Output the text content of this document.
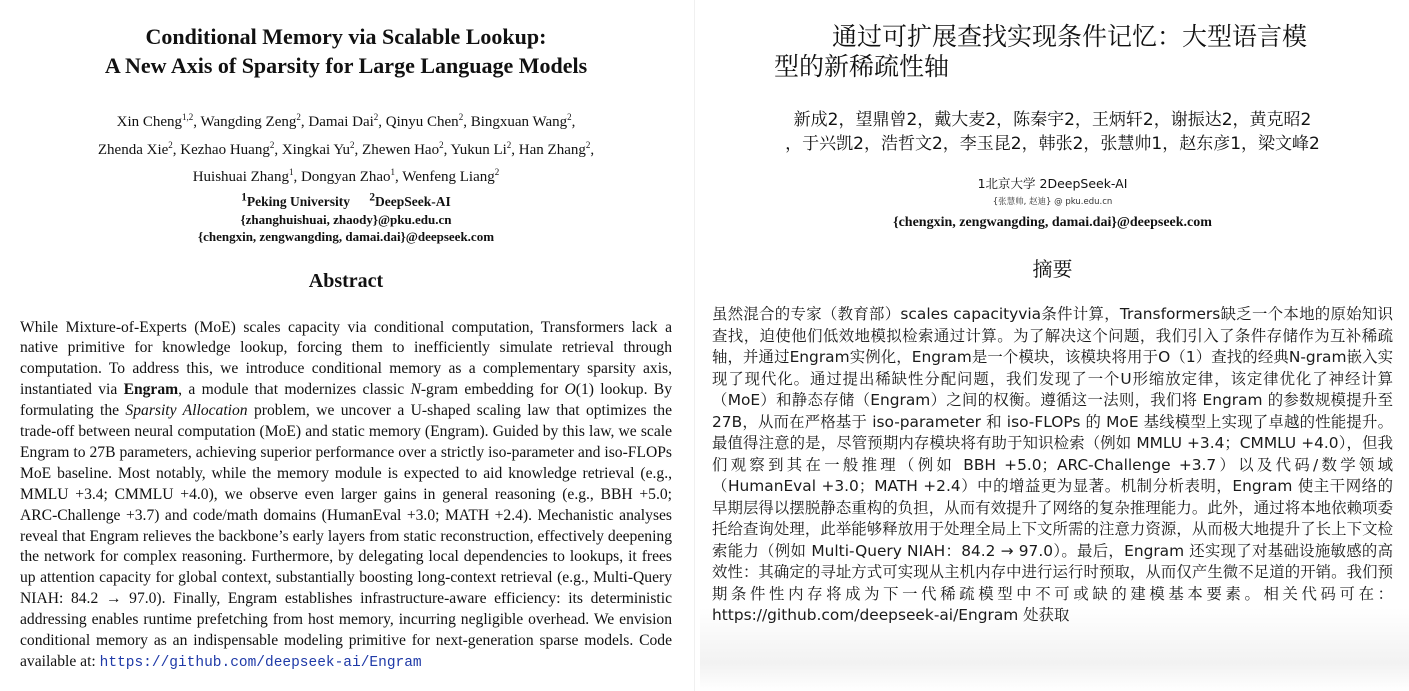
Conditional Memory via Scalable Lookup:
A New Axis of Sparsity for Large Language Models
Xin Cheng$^{1,2}$, Wangding Zeng$^2$, Damai Dai$^2$, Qinyu Chen$^2$, Bingxuan Wang$^2$,
Zhenda Xie$^2$, Kezhao Huang$^2$, Xingkai Yu$^2$, Zhewen Hao$^2$, Yukun Li$^2$, Han Zhang$^2$,
Huishuai Zhang$^1$, Dongyan Zhao$^1$, Wenfeng Liang$^2$
$^1$Peking University $^2$DeepSeek-AI
{zhanghuishuai, zhaody}@pku.edu.cn
{chengxin, zengwangding, damai.dai}@deepseek.com
Abstract

While Mixture-of-Experts (MoE) scales capacity via conditional computation, Transformers lack a native primitive for knowledge lookup, forcing them to inefficiently simulate retrieval through computation. To address this, we introduce conditional memory as a complementary sparsity axis, instantiated via Engram, a module that modernizes classic N-gram embedding for O(1) lookup. By formulating the Sparsity Allocation problem, we uncover a U-shaped scaling law that optimizes the trade-off between neural computation (MoE) and static memory (Engram). Guided by this law, we scale Engram to 27B parameters, achieving superior performance over a strictly iso-parameter and iso-FLOPs MoE baseline. Most notably, while the memory module is expected to aid knowledge retrieval (e.g., MMLU +3.4; CMMLU +4.0), we observe even larger gains in general reasoning (e.g., BBH +5.0; ARC-Challenge +3.7) and code/math domains (HumanEval +3.0; MATH +2.4). Mechanistic analyses reveal that Engram relieves the backbone’s early layers from static reconstruction, effectively deepening the network for complex reasoning. Furthermore, by delegating local dependencies to lookups, it frees up attention capacity for global context, substantially boosting long-context retrieval (e.g., Multi-Query NIAH: 84.2 → 97.0). Finally, Engram establishes infrastructure-aware efficiency: its deterministic addressing enables runtime prefetching from host memory, incurring negligible overhead. We envision conditional memory as an indispensable modeling primitive for next-generation sparse models. Code available at: https://github.com/deepseek-ai/Engram

通过可扩展查找实现条件记忆：大型语言模
型的新稀疏性轴
新成2，望鼎曾2，戴大麦2，陈秦宇2，王炳轩2，谢振达2，黄克昭2
，于兴凯2，浩哲文2，李玉昆2，韩张2，张慧帅1，赵东彦1，梁文峰2
1北京大学 2DeepSeek-AI
{张慧帅, 赵迪} @ pku.edu.cn
{chengxin, zengwangding, damai.dai}@deepseek.com
摘要

虽然混合的专家（教育部）scales capacityvia条件计算，Transformers缺乏一个本地的原始知识查找，迫使他们低效地模拟检索通过计算。为了解决这个问题，我们引入了条件存储作为互补稀疏轴，并通过Engram实例化，Engram是一个模块，该模块将用于O（1）查找的经典N-gram嵌入实现了现代化。通过提出稀缺性分配问题，我们发现了一个U形缩放定律，该定律优化了神经计算（MoE）和静态存储（Engram）之间的权衡。遵循这一法则，我们将 Engram 的参数规模提升至 27B，从而在严格基于 iso-parameter 和 iso-FLOPs 的 MoE 基线模型上实现了卓越的性能提升。最值得注意的是，尽管预期内存模块将有助于知识检索（例如 MMLU +3.4；CMMLU +4.0），但我们观察到其在一般推理（例如 BBH +5.0；ARC-Challenge +3.7）以及代码/数学领域（HumanEval +3.0；MATH +2.4）中的增益更为显著。机制分析表明，Engram 使主干网络的早期层得以摆脱静态重构的负担，从而有效提升了网络的复杂推理能力。此外，通过将本地依赖项委托给查询处理，此举能够释放用于处理全局上下文所需的注意力资源，从而极大地提升了长上下文检索能力（例如 Multi-Query NIAH：84.2 → 97.0）。最后，Engram 还实现了对基础设施敏感的高效性：其确定的寻址方式可实现从主机内存中进行运行时预取，从而仅产生微不足道的开销。我们预期条件性内存将成为下一代稀疏模型中不可或缺的建模基本要素。相关代码可在：https://github.com/deepseek-ai/Engram 处获取
